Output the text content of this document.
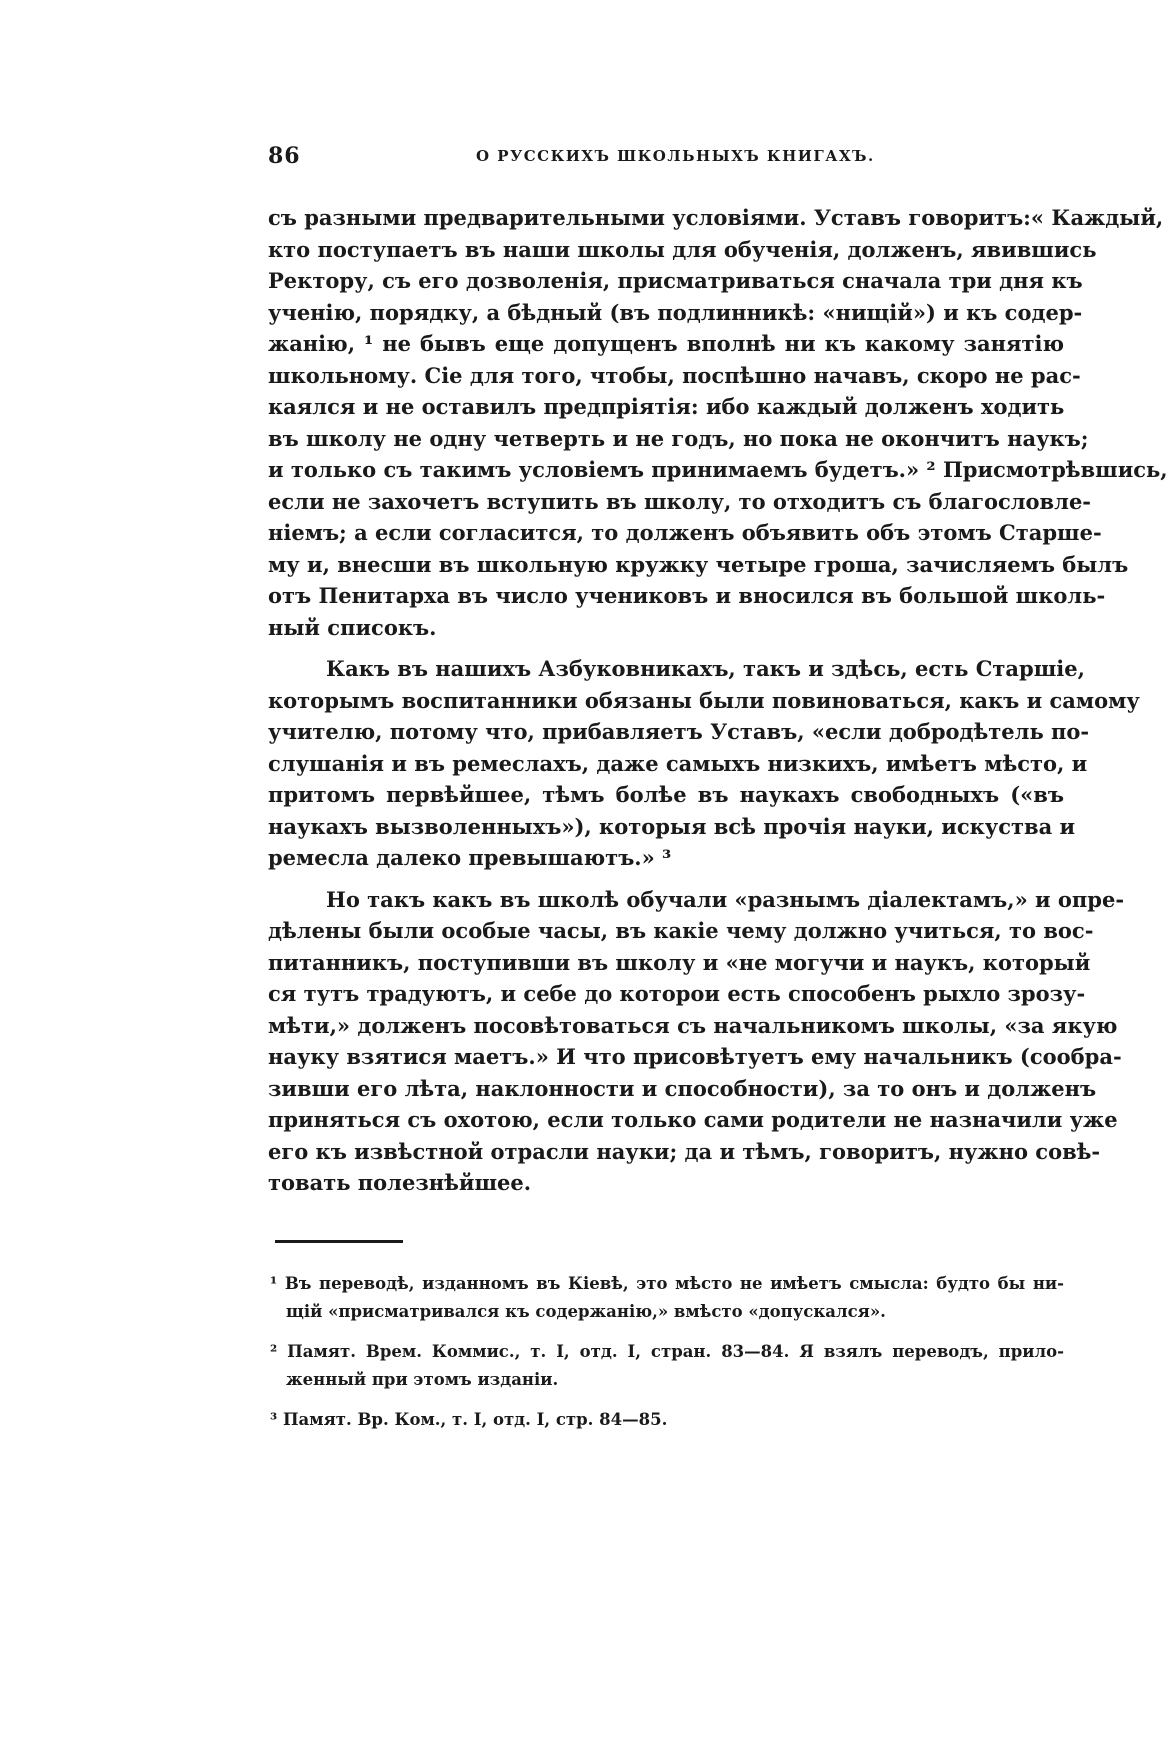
86	О РУССКИХЪ ШКОЛЬНЫХЪ КНИГАХЪ.
съ разными предварительными условiями. Уставъ говоритъ:« Каждый,
кто поступаетъ въ наши школы для обученiя, долженъ, явившись
Ректору, съ его дозволенiя, присматриваться сначала три дня къ
ученiю, порядку, а бѣдный (въ подлинникѣ: «нищiй») и къ содер-
жанiю, ¹ не бывъ еще допущенъ вполнѣ ни къ какому занятiю
школьному. Сiе для того, чтобы, поспѣшно начавъ, скоро не рас-
каялся и не оставилъ предпрiятiя: ибо каждый долженъ ходить
въ школу не одну четверть и не годъ, но пока не окончитъ наукъ;
и только съ такимъ условiемъ принимаемъ будетъ.» ² Присмотрѣвшись,
если не захочетъ вступить въ школу, то отходитъ съ благословле-
нiемъ; а если согласится, то долженъ объявить объ этомъ Старше-
му и, внесши въ школьную кружку четыре гроша, зачисляемъ былъ
отъ Пенитарха въ число учениковъ и вносился въ большой школь-
ный списокъ.
Какъ въ нашихъ Азбуковникахъ, такъ и здѣсь, есть Старшiе,
которымъ воспитанники обязаны были повиноваться, какъ и самому
учителю, потому что, прибавляетъ Уставъ, «если добродѣтель по-
слушанiя и въ ремеслахъ, даже самыхъ низкихъ, имѣетъ мѣсто, и
притомъ первѣйшее, тѣмъ болѣе въ наукахъ свободныхъ («въ
наукахъ вызволенныхъ»), которыя всѣ прочiя науки, искуства и
ремесла далеко превышаютъ.» ³
Но такъ какъ въ школѣ обучали «разнымъ дiалектамъ,» и опре-
дѣлены были особые часы, въ какiе чему должно учиться, то вос-
питанникъ, поступивши въ школу и «не могучи и наукъ, который
ся тутъ традуютъ, и себе до которои есть способенъ рыхло зрозу-
мѣти,» долженъ посовѣтоваться съ начальникомъ школы, «за якую
науку взятися маетъ.» И что присовѣтуетъ ему начальникъ (сообра-
зивши его лѣта, наклонности и способности), за то онъ и долженъ
приняться съ охотою, если только сами родители не назначили уже
его къ извѣстной отрасли науки; да и тѣмъ, говоритъ, нужно совѣ-
товать полезнѣйшее.
¹ Въ переводѣ, изданномъ въ Кiевѣ, это мѣсто не имѣетъ смысла: будто бы ни-
щiй «присматривался къ содержанiю,» вмѣсто «допускался».
² Памят. Врем. Коммис., т. I, отд. I, стран. 83—84. Я взялъ переводъ, прило-
женный при этомъ изданiи.
³ Памят. Вр. Ком., т. I, отд. I, стр. 84—85.
